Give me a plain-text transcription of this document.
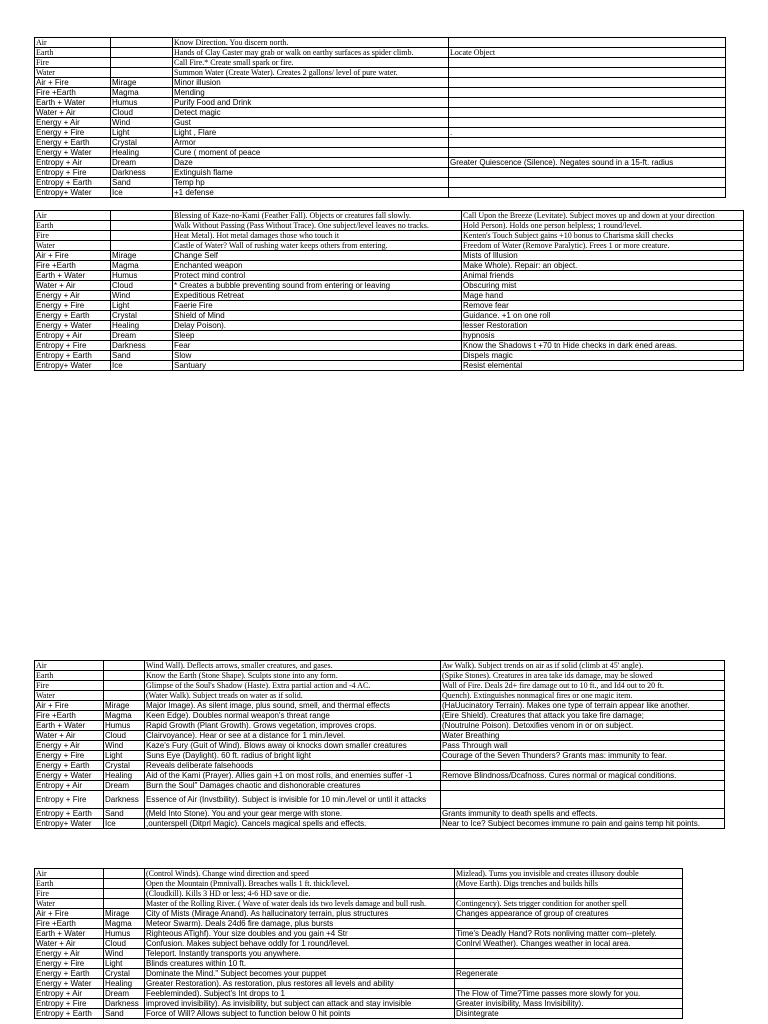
Air		Know Direction. You discern north.	
Earth		Hands of Clay Caster may grab or walk on earthy surfaces as spider climb.	Locate Object
Fire		Call Fire.* Create small spark or fire.	
Water		Summon Water (Create Water). Creates 2 gallons/ level of pure water.	
Air + Fire	Mirage	Minor illusion	
Fire +Earth	Magma	Mending	
Earth + Water	Humus	Purify Food and Drink	
Water + Air	Cloud	Detect magic	
Energy + Air	Wind	Gust	
Energy + Fire	Light	Light , Flare	.
Energy + Earth	Crystal	Armor	
Energy + Water	Healing	Cure ( moment of peace	
Entropy + Air	Dream	Daze	Greater Quiescence (Silence). Negates sound in a 15-ft. radius
Entropy + Fire	Darkness	Extinguish flame	
Entropy + Earth	Sand	Temp hp	
Entropy+ Water	Ice	+1 defense	
Air		Blessing of Kaze-no-Kami (Feather Fall). Objects or creatures fall slowly.	Call Upon the Breeze (Levitate). Subject moves up and down at your direction
Earth		Walk Without Passing (Pass Without Trace). One subject/level leaves no tracks.	Hold Person). Holds one person helpless; 1 round/level.
Fire		Heat Metal). Hot metal damages those who touch it	Kenten's Touch Subject gains +10 bonus to Charisma skill checks
Water		Castle of Water? Wall of rushing water keeps others from entering.	Freedom of Water (Remove Paralytic). Frees 1 or more creature.
Air + Fire	Mirage	Change Self	Mists of Illusion
Fire +Earth	Magma	Enchanted weapon	Make Whole). Repair: an object.
Earth + Water	Humus	Protect mind control	Animal friends
Water + Air	Cloud	* Creates a bubble preventing sound from entering or leaving	Obscuring mist
Energy + Air	Wind	Expeditious Retreat	Mage hand
Energy + Fire	Light	Faerie Fire	Remove fear
Energy + Earth	Crystal	Shield of Mind	Guidance. +1 on one roll
Energy + Water	Healing	Delay Poison).	lesser Restoration
Entropy + Air	Dream	Sleep	hypnosis
Entropy + Fire	Darkness	Fear	Know the Shadows t +70 tn Hide checks in dark ened areas.
Entropy + Earth	Sand	Slow	Dispels magic
Entropy+ Water	Ice	Santuary	Resist elemental
Air		Wind Wall). Deflects arrows, smaller creatures, and gases.	Aw Walk). Subject trends on air as if solid (climb at 45' angle).
Earth		Know the Earth (Stone Shape). Sculpts stone into any form.	(Spike Stones). Creatures in area take ids damage, may be slowed
Fire		Glimpse of the Soul's Shadow (Haste). Extra partial action and -4 AC.	Wall of Fire. Deals 2d+ fire damage out to 10 ft., and Id4 out to 20 ft.
Water		(Water Walk). Subject treads on water as if solid.	Quench). Extinguishes nonmagical fires or one magic item.
Air + Fire	Mirage	Major Image). As silent image, plus sound, smell, and thermal effects	(HaUucinatory Terrain). Makes one type of terrain appear like another.
Fire +Earth	Magma	Keen Edge). Doubles normal weapon's threat range	(Eire Shield). Creatures that attack you take fire damage;
Earth + Water	Humus	Rapid Growth (Plant Growth). Grows vegetation, improves crops.	(Noutrulne Poison). Detoxifies venom in or on subject.
Water + Air	Cloud	Clairvoyance). Hear or see at a distance for 1 min./level.	Water Breathing
Energy + Air	Wind	Kaze's Fury (Guit of Wind). Blows away oi knocks down smaller creatures	Pass Through wall
Energy + Fire	Light	Suns Eye (Daylight). 60 ft. radius of bright light	Courage of the Seven Thunders? Grants mas: immunity to fear.
Energy + Earth	Crystal	Reveals deliberate falsehoods	
Energy + Water	Healing	Aid of the Kami (Prayer). Allies gain +1 on most rolls, and enemies suffer -1	Remove Blindnoss/Dcafnoss. Cures normal or magical conditions.
Entropy + Air	Dream	Burn the Soul" Damages chaotic and dishonorable creatures	
Entropy + Fire	Darkness	Essence of Air (Invstbility). Subject is invisible for 10 min./level or until it attacks	
Entropy + Earth	Sand	(Meld Into Stone). You and your gear merge with stone.	Grants immunity to death spells and effects.
Entropy+ Water	Ice	,ounterspell (Ditprl Magic). Cancels magical spells and effects.	Near to Ice? Subject becomes immune ro pain and gains temp hit points.
Air		(Control Winds). Change wind direction and speed	Mizlead). Turns you invisible and creates illusory double
Earth		Open the Mountain (Pmnivall). Breaches walls 1 ft. thick/level.	(Move Earth). Digs trenches and builds hills
Fire		(Cloudkill). Kills 3 HD or less; 4-6 HD save or die.	
Water		Master of the Rolling River. ( Wave of water deals ids two levels damage and bull rush.	Contingency). Sets trigger condition for another spell
Air + Fire	Mirage	City of Mists (Mirage Anand). As hallucinatory terrain, plus structures	Changes appearance of group of creatures
Fire +Earth	Magma	Meteor Swarm). Deals 24d6 fire damage, plus bursts	
Earth + Water	Humus	Righteous ATighf). Your size doubles and you gain +4 Str	Time's Deadly Hand? Rots nonliving matter com--pletely.
Water + Air	Cloud	Confusion. Makes subject behave oddly for 1 round/level.	Conlrvl Weather). Changes weather in local area.
Energy + Air	Wind	Teleport. Instantly transports you anywhere.	
Energy + Fire	Light	Blinds creatures within 10 ft.	
Energy + Earth	Crystal	Dominate the Mind." Subject becomes your puppet	Regenerate
Energy + Water	Healing	Greater Restoration). As restoration, plus restores all levels and ability	
Entropy + Air	Dream	Feebleminded). Subject's Int drops to 1	The Flow of Time?Time passes more slowly for you.
Entropy + Fire	Darkness	improved invisibility). As invisibility, but subject can attack and stay invisible	Greater invisibility, Mass Invisibility).
Entropy + Earth	Sand	Force of Will? Allows subject to function below 0 hit points	Disintegrate
